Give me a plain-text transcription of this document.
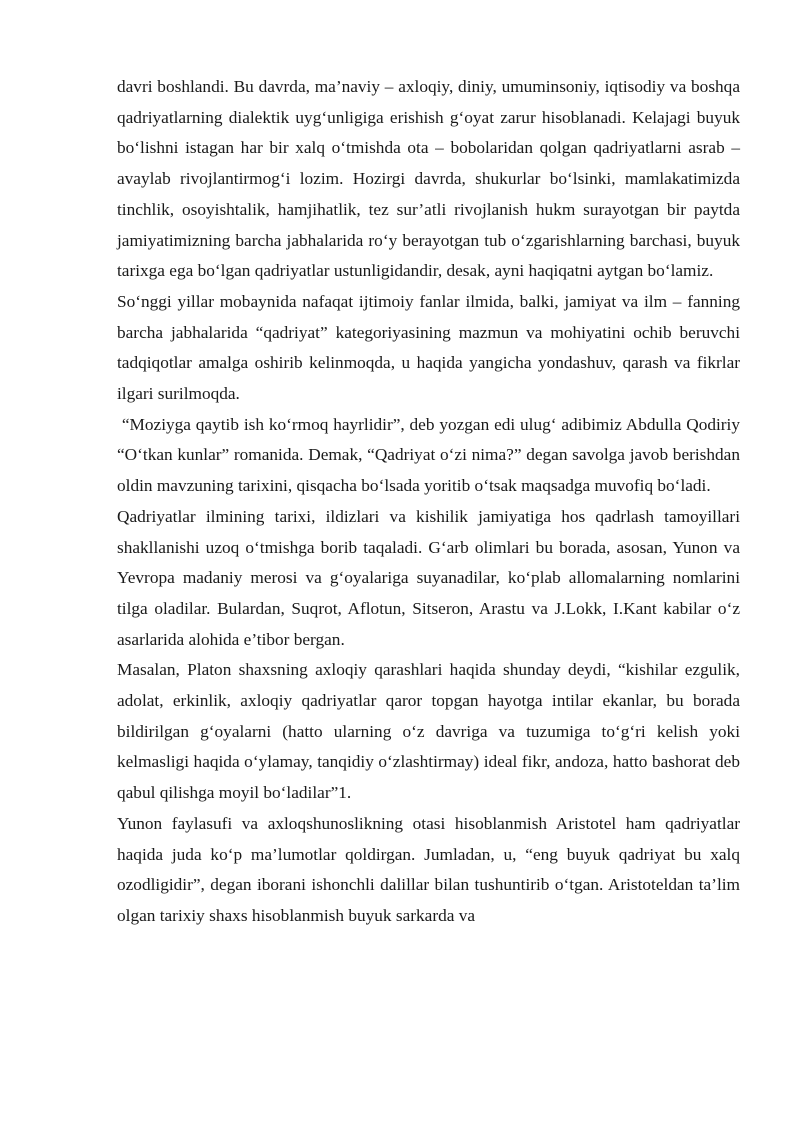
davri boshlandi. Bu davrda, ma’naviy – axloqiy, diniy, umuminsoniy, iqtisodiy va boshqa qadriyatlarning dialektik uyg‘unligiga erishish g‘oyat zarur hisoblanadi. Kelajagi buyuk bo‘lishni istagan har bir xalq o‘tmishda ota – bobolaridan qolgan qadriyatlarni asrab – avaylab rivojlantirmog‘i lozim. Hozirgi davrda, shukurlar bo‘lsinki, mamlakatimizda tinchlik, osoyishtalik, hamjihatlik, tez sur’atli rivojlanish hukm surayotgan bir paytda jamiyatimizning barcha jabhalarida ro‘y berayotgan tub o‘zgarishlarning barchasi, buyuk tarixga ega bo‘lgan qadriyatlar ustunligidandir, desak, ayni haqiqatni aytgan bo‘lamiz.

So‘nggi yillar mobaynida nafaqat ijtimoiy fanlar ilmida, balki, jamiyat va ilm – fanning barcha jabhalarida “qadriyat” kategoriyasining mazmun va mohiyatini ochib beruvchi tadqiqotlar amalga oshirib kelinmoqda, u haqida yangicha yondashuv, qarash va fikrlar ilgari surilmoqda.

“Moziyga qaytib ish ko‘rmoq hayrlidir”, deb yozgan edi ulug‘ adibimiz Abdulla Qodiriy “O‘tkan kunlar” romanida. Demak, “Qadriyat o‘zi nima?” degan savolga javob berishdan oldin mavzuning tarixini, qisqacha bo‘lsada yoritib o‘tsak maqsadga muvofiq bo‘ladi.

Qadriyatlar ilmining tarixi, ildizlari va kishilik jamiyatiga hos qadrlash tamoyillari shakllanishi uzoq o‘tmishga borib taqaladi. G‘arb olimlari bu borada, asosan, Yunon va Yevropa madaniy merosi va g‘oyalariga suyanadilar, ko‘plab allomalarning nomlarini tilga oladilar. Bulardan, Suqrot, Aflotun, Sitseron, Arastu va J.Lokk, I.Kant kabilar o‘z asarlarida alohida e’tibor bergan.

Masalan, Platon shaxsning axloqiy qarashlari haqida shunday deydi, “kishilar ezgulik, adolat, erkinlik, axloqiy qadriyatlar qaror topgan hayotga intilar ekanlar, bu borada bildirilgan g‘oyalarni (hatto ularning o‘z davriga va tuzumiga to‘g‘ri kelish yoki kelmasligi haqida o‘ylamay, tanqidiy o‘zlashtirmay) ideal fikr, andoza, hatto bashorat deb qabul qilishga moyil bo‘ladilar”1.

Yunon faylasufi va axloqshunoslikning otasi hisoblanmish Aristotel ham qadriyatlar haqida juda ko‘p ma’lumotlar qoldirgan. Jumladan, u, “eng buyuk qadriyat bu xalq ozodligidir”, degan iborani ishonchli dalillar bilan tushuntirib o‘tgan. Aristoteldan ta’lim olgan tarixiy shaxs hisoblanmish buyuk sarkarda va
